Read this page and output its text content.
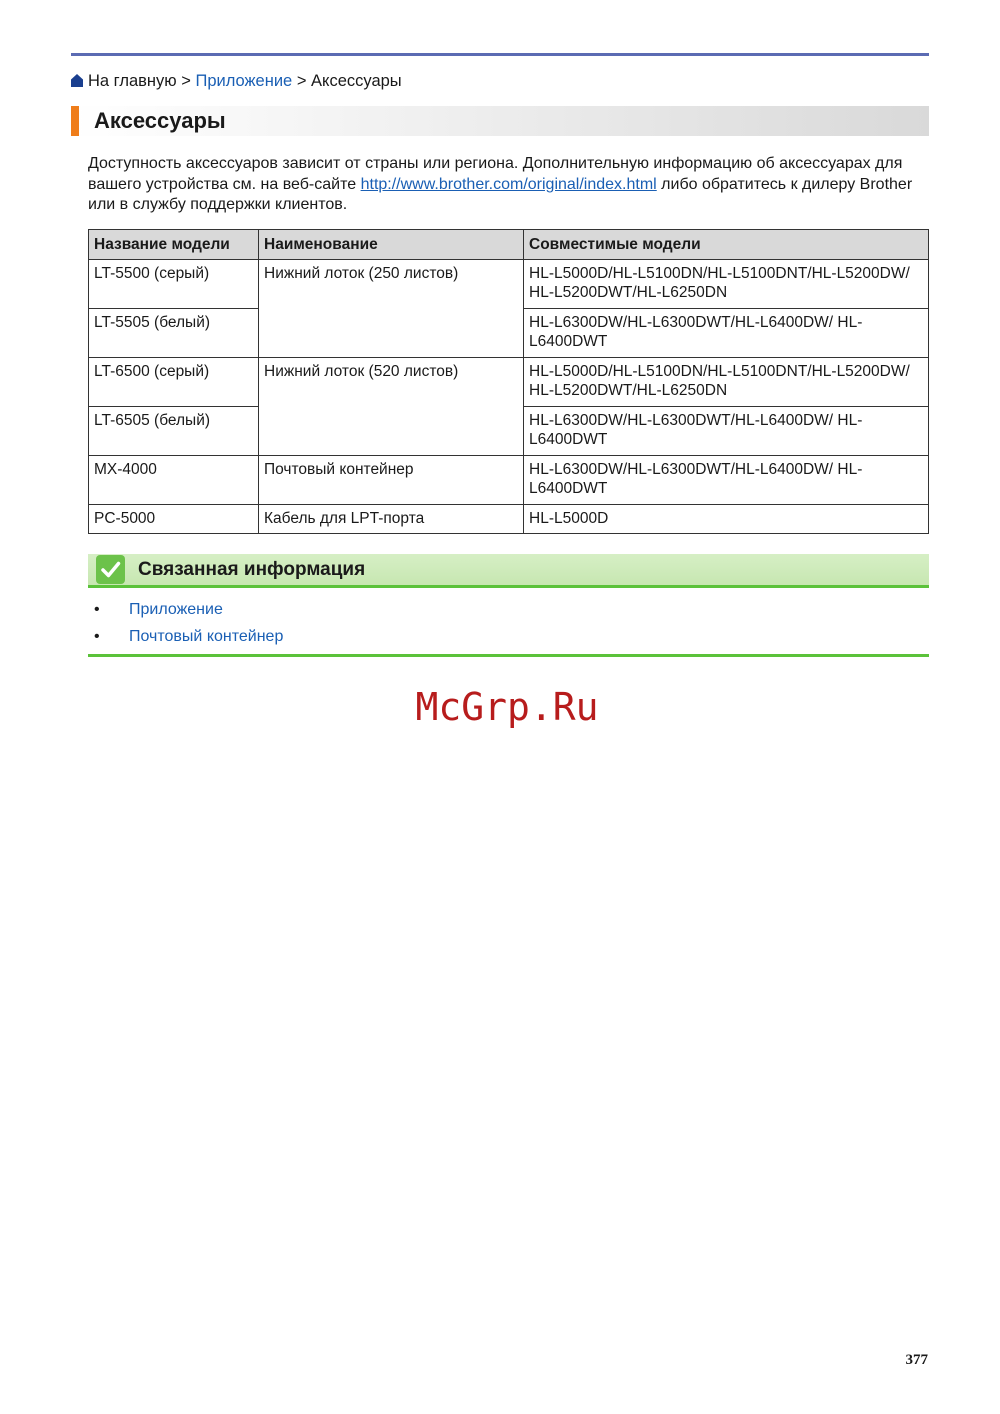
На главную > Приложение > Аксессуары
Аксессуары

Доступность аксессуаров зависит от страны или региона. Дополнительную информацию об аксессуарах для вашего устройства см. на веб-сайте http://www.brother.com/original/index.html либо обратитесь к дилеру Brother или в службу поддержки клиентов.

Название модели	Наименование	Совместимые модели
LT-5500 (серый)	Нижний лоток (250 листов)	HL-L5000D/HL-L5100DN/HL-L5100DNT/HL-L5200DW/ HL-L5200DWT/HL-L6250DN
LT-5505 (белый)		HL-L6300DW/HL-L6300DWT/HL-L6400DW/ HL-L6400DWT
LT-6500 (серый)	Нижний лоток (520 листов)	HL-L5000D/HL-L5100DN/HL-L5100DNT/HL-L5200DW/ HL-L5200DWT/HL-L6250DN
LT-6505 (белый)		HL-L6300DW/HL-L6300DWT/HL-L6400DW/ HL-L6400DWT
MX-4000	Почтовый контейнер	HL-L6300DW/HL-L6300DWT/HL-L6400DW/ HL-L6400DWT
PC-5000	Кабель для LPT-порта	HL-L5000D
Связанная информация
• Приложение
• Почтовый контейнер
McGrp.Ru
377
